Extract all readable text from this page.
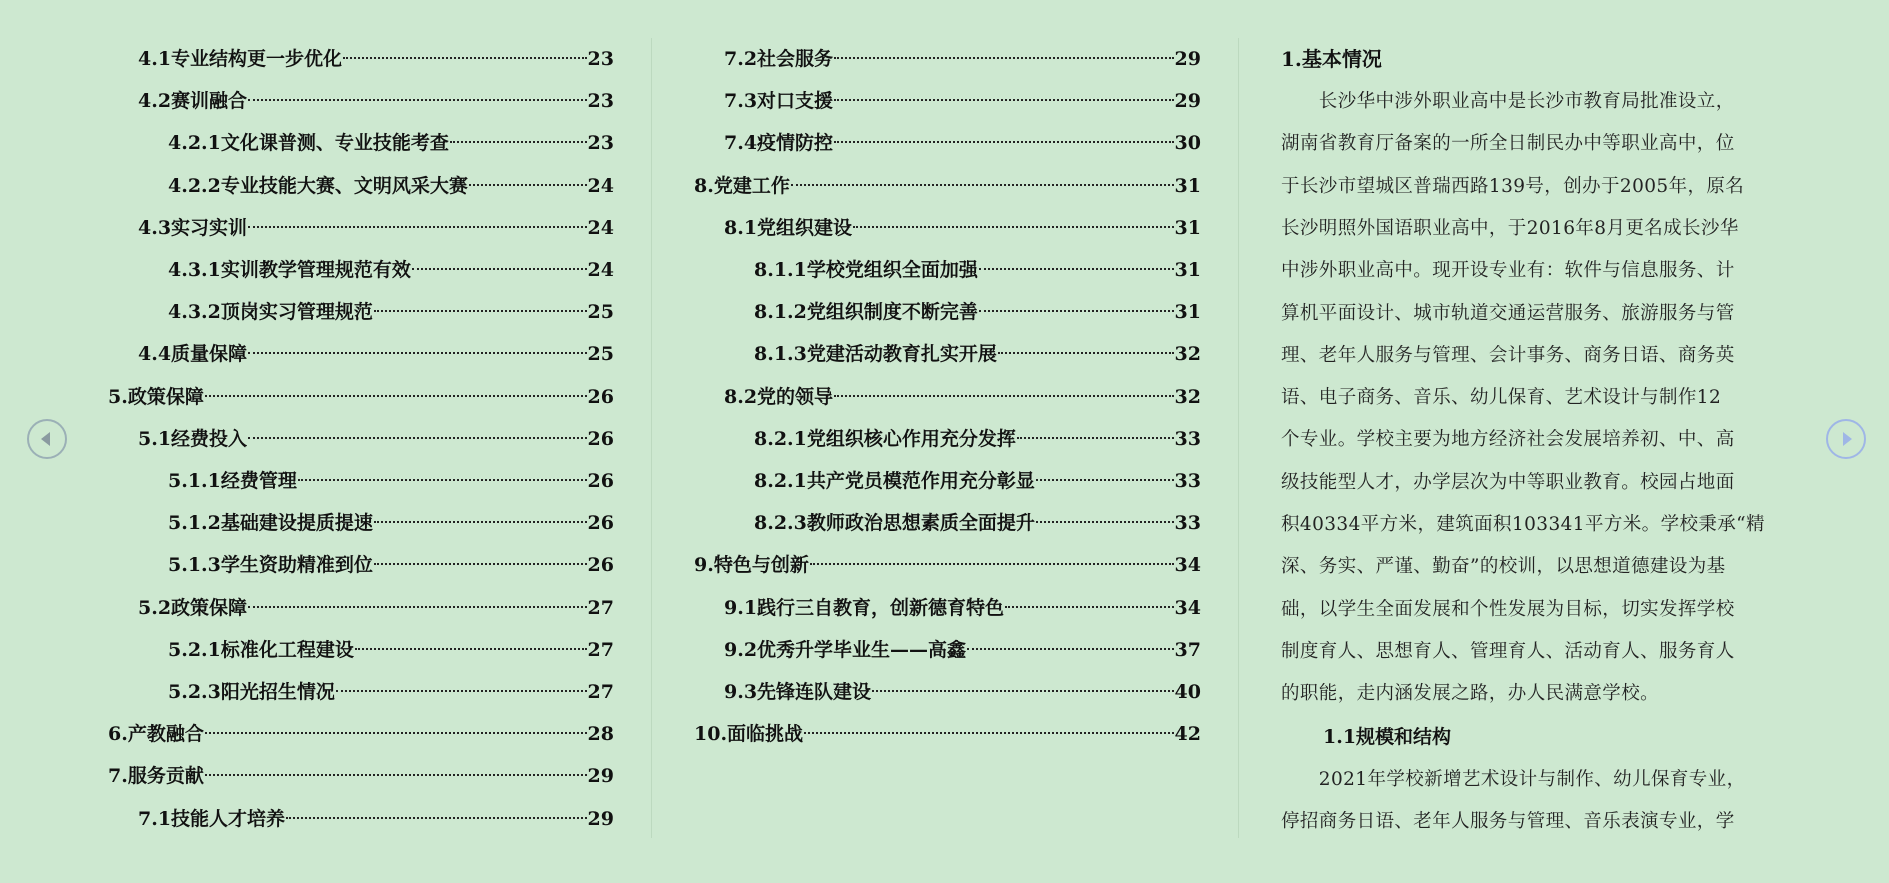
4.1专业结构更一步优化	23
4.2赛训融合	23
4.2.1文化课普测、专业技能考查	23
4.2.2专业技能大赛、文明风采大赛	24
4.3实习实训	24
4.3.1实训教学管理规范有效	24
4.3.2顶岗实习管理规范	25
4.4质量保障	25
5.政策保障	26
5.1经费投入	26
5.1.1经费管理	26
5.1.2基础建设提质提速	26
5.1.3学生资助精准到位	26
5.2政策保障	27
5.2.1标准化工程建设	27
5.2.3阳光招生情况	27
6.产教融合	28
7.服务贡献	29
7.1技能人才培养	29
7.2社会服务	29
7.3对口支援	29
7.4疫情防控	30
8.党建工作	31
8.1党组织建设	31
8.1.1学校党组织全面加强	31
8.1.2党组织制度不断完善	31
8.1.3党建活动教育扎实开展	32
8.2党的领导	32
8.2.1党组织核心作用充分发挥	33
8.2.1共产党员模范作用充分彰显	33
8.2.3教师政治思想素质全面提升	33
9.特色与创新	34
9.1践行三自教育，创新德育特色	34
9.2优秀升学毕业生——高鑫	37
9.3先锋连队建设	40
10.面临挑战	42
1.基本情况
　　长沙华中涉外职业高中是长沙市教育局批准设立，
湖南省教育厅备案的一所全日制民办中等职业高中，位
于长沙市望城区普瑞西路139号，创办于2005年，原名
长沙明照外国语职业高中，于2016年8月更名成长沙华
中涉外职业高中。现开设专业有：软件与信息服务、计
算机平面设计、城市轨道交通运营服务、旅游服务与管
理、老年人服务与管理、会计事务、商务日语、商务英
语、电子商务、音乐、幼儿保育、艺术设计与制作12
个专业。学校主要为地方经济社会发展培养初、中、高
级技能型人才，办学层次为中等职业教育。校园占地面
积40334平方米，建筑面积103341平方米。学校秉承“精
深、务实、严谨、勤奋”的校训，以思想道德建设为基
础，以学生全面发展和个性发展为目标，切实发挥学校
制度育人、思想育人、管理育人、活动育人、服务育人
的职能，走内涵发展之路，办人民满意学校。
1.1规模和结构
　　2021年学校新增艺术设计与制作、幼儿保育专业，
停招商务日语、老年人服务与管理、音乐表演专业，学
